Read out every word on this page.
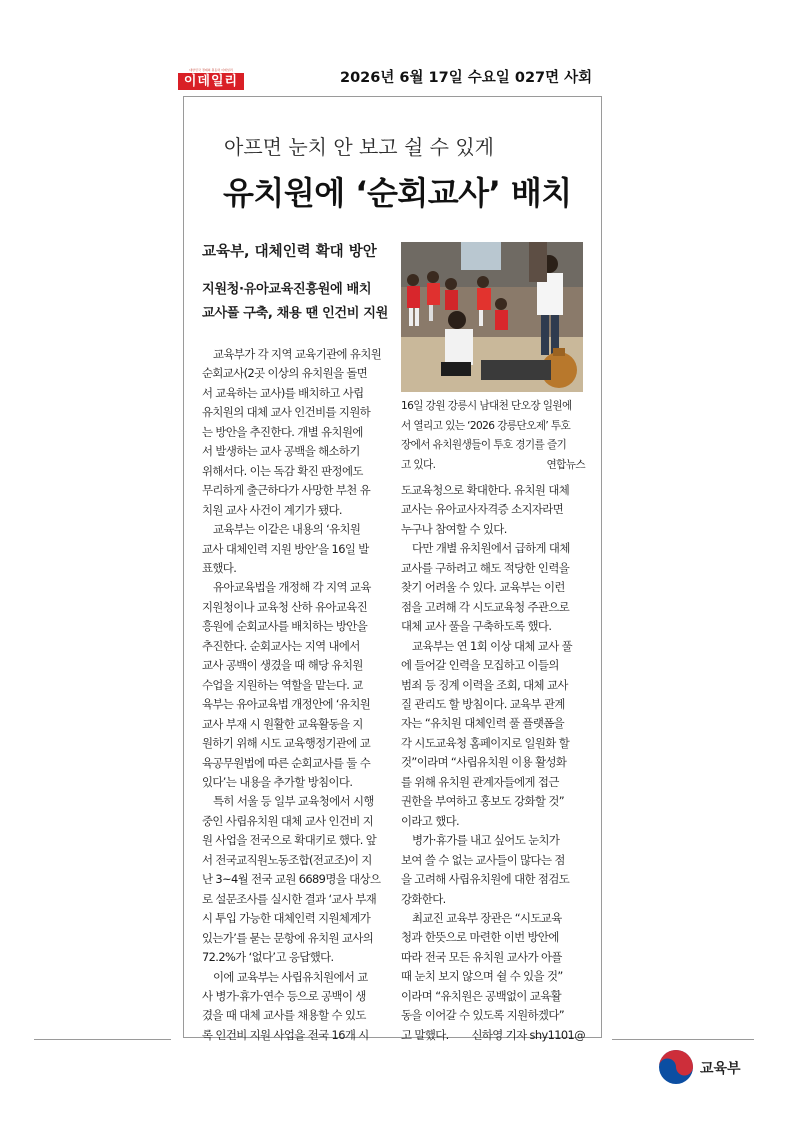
대한민국 경제의 원동력 이데일리
이데일리	2026년 6월 17일 수요일 027면 사회
아프면 눈치 안 보고 쉴 수 있게
유치원에 ‘순회교사’ 배치
교육부, 대체인력 확대 방안
지원청·유아교육진흥원에 배치
교사풀 구축, 채용 땐 인건비 지원
16일 강원 강릉시 남대천 단오장 일원에
서 열리고 있는 ‘2026 강릉단오제’ 투호
장에서 유치원생들이 투호 경기를 즐기
고 있다.	연합뉴스
교육부가 각 지역 교육기관에 유치원
순회교사(2곳 이상의 유치원을 돌면
서 교육하는 교사)를 배치하고 사립
유치원의 대체 교사 인건비를 지원하
는 방안을 추진한다. 개별 유치원에
서 발생하는 교사 공백을 해소하기
위해서다. 이는 독감 확진 판정에도
무리하게 출근하다가 사망한 부천 유
치원 교사 사건이 계기가 됐다.
교육부는 이같은 내용의 ‘유치원
교사 대체인력 지원 방안’을 16일 발
표했다.
유아교육법을 개정해 각 지역 교육
지원청이나 교육청 산하 유아교육진
흥원에 순회교사를 배치하는 방안을
추진한다. 순회교사는 지역 내에서
교사 공백이 생겼을 때 해당 유치원
수업을 지원하는 역할을 맡는다. 교
육부는 유아교육법 개정안에 ‘유치원
교사 부재 시 원활한 교육활동을 지
원하기 위해 시도 교육행정기관에 교
육공무원법에 따른 순회교사를 둘 수
있다’는 내용을 추가할 방침이다.
특히 서울 등 일부 교육청에서 시행
중인 사립유치원 대체 교사 인건비 지
원 사업을 전국으로 확대키로 했다. 앞
서 전국교직원노동조합(전교조)이 지
난 3~4월 전국 교원 6689명을 대상으
로 설문조사를 실시한 결과 ‘교사 부재
시 투입 가능한 대체인력 지원체계가
있는가’를 묻는 문항에 유치원 교사의
72.2%가 ‘없다’고 응답했다.
이에 교육부는 사립유치원에서 교
사 병가·휴가·연수 등으로 공백이 생
겼을 때 대체 교사를 채용할 수 있도
록 인건비 지원 사업을 전국 16개 시
도교육청으로 확대한다. 유치원 대체
교사는 유아교사자격증 소지자라면
누구나 참여할 수 있다.
다만 개별 유치원에서 급하게 대체
교사를 구하려고 해도 적당한 인력을
찾기 어려울 수 있다. 교육부는 이런
점을 고려해 각 시도교육청 주관으로
대체 교사 풀을 구축하도록 했다.
교육부는 연 1회 이상 대체 교사 풀
에 들어갈 인력을 모집하고 이들의
범죄 등 징계 이력을 조회, 대체 교사
질 관리도 할 방침이다. 교육부 관계
자는 “유치원 대체인력 풀 플랫폼을
각 시도교육청 홈페이지로 일원화 할
것”이라며 “사립유치원 이용 활성화
를 위해 유치원 관계자들에게 접근
권한을 부여하고 홍보도 강화할 것”
이라고 했다.
병가·휴가를 내고 싶어도 눈치가
보여 쓸 수 없는 교사들이 많다는 점
을 고려해 사립유치원에 대한 점검도
강화한다.
최교진 교육부 장관은 “시도교육
청과 한뜻으로 마련한 이번 방안에
따라 전국 모든 유치원 교사가 아플
때 눈치 보지 않으며 쉴 수 있을 것”
이라며 “유치원은 공백없이 교육활
동을 이어갈 수 있도록 지원하겠다”
고 말했다. 신하영 기자 shy1101@
교육부
